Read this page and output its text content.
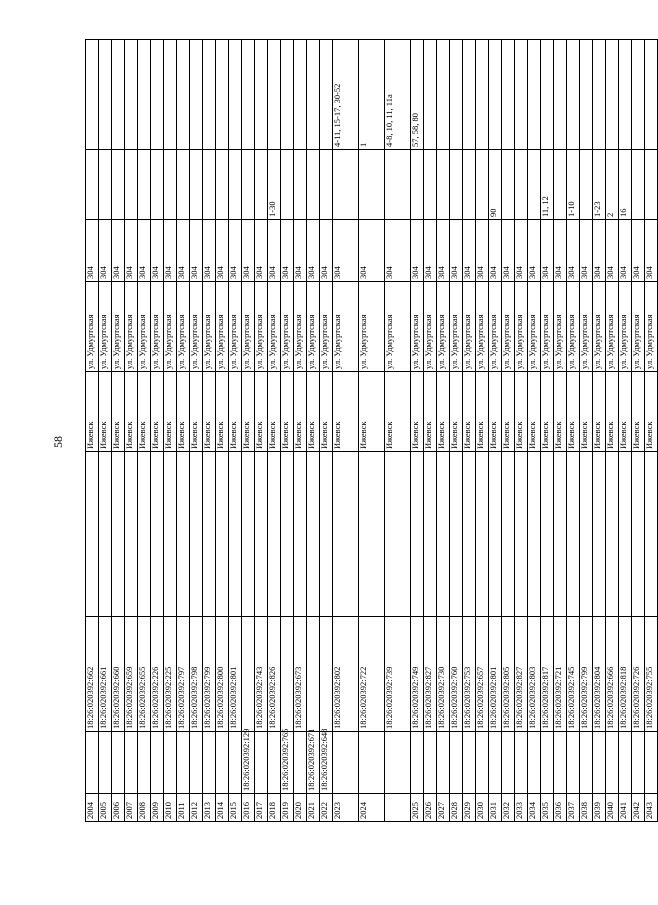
58
2004		18:26:020392:662		Ижевск	ул. Удмуртская	304		
2005		18:26:020392:661		Ижевск	ул. Удмуртская	304		
2006		18:26:020392:660		Ижевск	ул. Удмуртская	304		
2007		18:26:020392:659		Ижевск	ул. Удмуртская	304		
2008		18:26:020392:655		Ижевск	ул. Удмуртская	304		
2009		18:26:020392:226		Ижевск	ул. Удмуртская	304		
2010		18:26:020392:225		Ижевск	ул. Удмуртская	304		
2011		18:26:020392:797		Ижевск	ул. Удмуртская	304		
2012		18:26:020392:798		Ижевск	ул. Удмуртская	304		
2013		18:26:020392:799		Ижевск	ул. Удмуртская	304		
2014		18:26:020392:800		Ижевск	ул. Удмуртская	304		
2015		18:26:020392:801		Ижевск	ул. Удмуртская	304		
2016	18:26:020392:129			Ижевск	ул. Удмуртская	304		
2017		18:26:020392:743		Ижевск	ул. Удмуртская	304		
2018		18:26:020392:826		Ижевск	ул. Удмуртская	304	1-30	
2019	18:26:020392:765			Ижевск	ул. Удмуртская	304		
2020		18:26:020392:673		Ижевск	ул. Удмуртская	304		
2021	18:26:020392:671			Ижевск	ул. Удмуртская	304		
2022	18:26:020392:648			Ижевск	ул. Удмуртская	304		
2023		18:26:020392:802		Ижевск	ул. Удмуртская	304		4-11, 15-17, 30-52
2024		18:26:020392:722		Ижевск	ул. Удмуртская	304		1
		18:26:020392:739		Ижевск	ул. Удмуртская	304		4-8, 10, 11, 11а
2025		18:26:020392:749		Ижевск	ул. Удмуртская	304		57, 58, 80
2026		18:26:020392:827		Ижевск	ул. Удмуртская	304		
2027		18:26:020392:730		Ижевск	ул. Удмуртская	304		
2028		18:26:020392:760		Ижевск	ул. Удмуртская	304		
2029		18:26:020392:753		Ижевск	ул. Удмуртская	304		
2030		18:26:020392:657		Ижевск	ул. Удмуртская	304		
2031		18:26:020392:801		Ижевск	ул. Удмуртская	304	90	
2032		18:26:020392:805		Ижевск	ул. Удмуртская	304		
2033		18:26:020392:827		Ижевск	ул. Удмуртская	304		
2034		18:26:020392:803		Ижевск	ул. Удмуртская	304		
2035		18:26:020392:817		Ижевск	ул. Удмуртская	304	11, 12	
2036		18:26:020392:721		Ижевск	ул. Удмуртская	304		
2037		18:26:020392:745		Ижевск	ул. Удмуртская	304	1-10	
2038		18:26:020392:799		Ижевск	ул. Удмуртская	304		
2039		18:26:020392:804		Ижевск	ул. Удмуртская	304	1-23	
2040		18:26:020392:666		Ижевск	ул. Удмуртская	304	2	
2041		18:26:020392:818		Ижевск	ул. Удмуртская	304	16	
2042		18:26:020392:726		Ижевск	ул. Удмуртская	304		
2043		18:26:020392:755		Ижевск	ул. Удмуртская	304		
